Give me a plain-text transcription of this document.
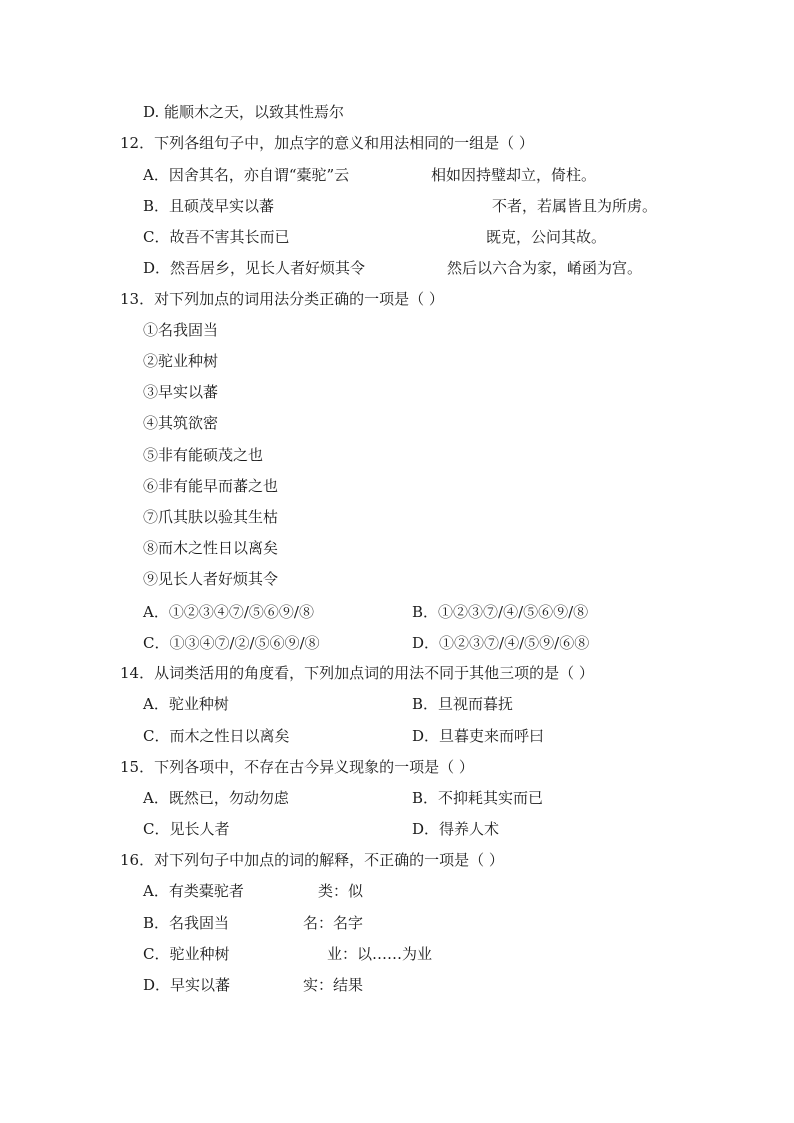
D. 能顺木之天，以致其性焉尔
12．下列各组句子中，加点字的意义和用法相同的一组是（ ）
A．因舍其名，亦自谓“橐驼”云	相如因持璧却立，倚柱。
B．且硕茂早实以蕃	不者，若属皆且为所虏。
C．故吾不害其长而已	既克，公问其故。
D．然吾居乡，见长人者好烦其令	然后以六合为家，崤函为宫。
13．对下列加点的词用法分类正确的一项是（ ）
①名我固当
②驼业种树
③早实以蕃
④其筑欲密
⑤非有能硕茂之也
⑥非有能早而蕃之也
⑦爪其肤以验其生枯
⑧而木之性日以离矣
⑨见长人者好烦其令
A．①②③④⑦/⑤⑥⑨/⑧	B．①②③⑦/④/⑤⑥⑨/⑧
C．①③④⑦/②/⑤⑥⑨/⑧	D．①②③⑦/④/⑤⑨/⑥⑧
14．从词类活用的角度看，下列加点词的用法不同于其他三项的是（ ）
A．驼业种树	B．旦视而暮抚
C．而木之性日以离矣	D．旦暮吏来而呼曰
15．下列各项中，不存在古今异义现象的一项是（ ）
A．既然已，勿动勿虑	B．不抑耗其实而已
C．见长人者	D．得养人术
16．对下列句子中加点的词的解释，不正确的一项是（ ）
A．有类橐驼者	类：似
B．名我固当	名：名字
C．驼业种树	业：以……为业
D．早实以蕃	实：结果
